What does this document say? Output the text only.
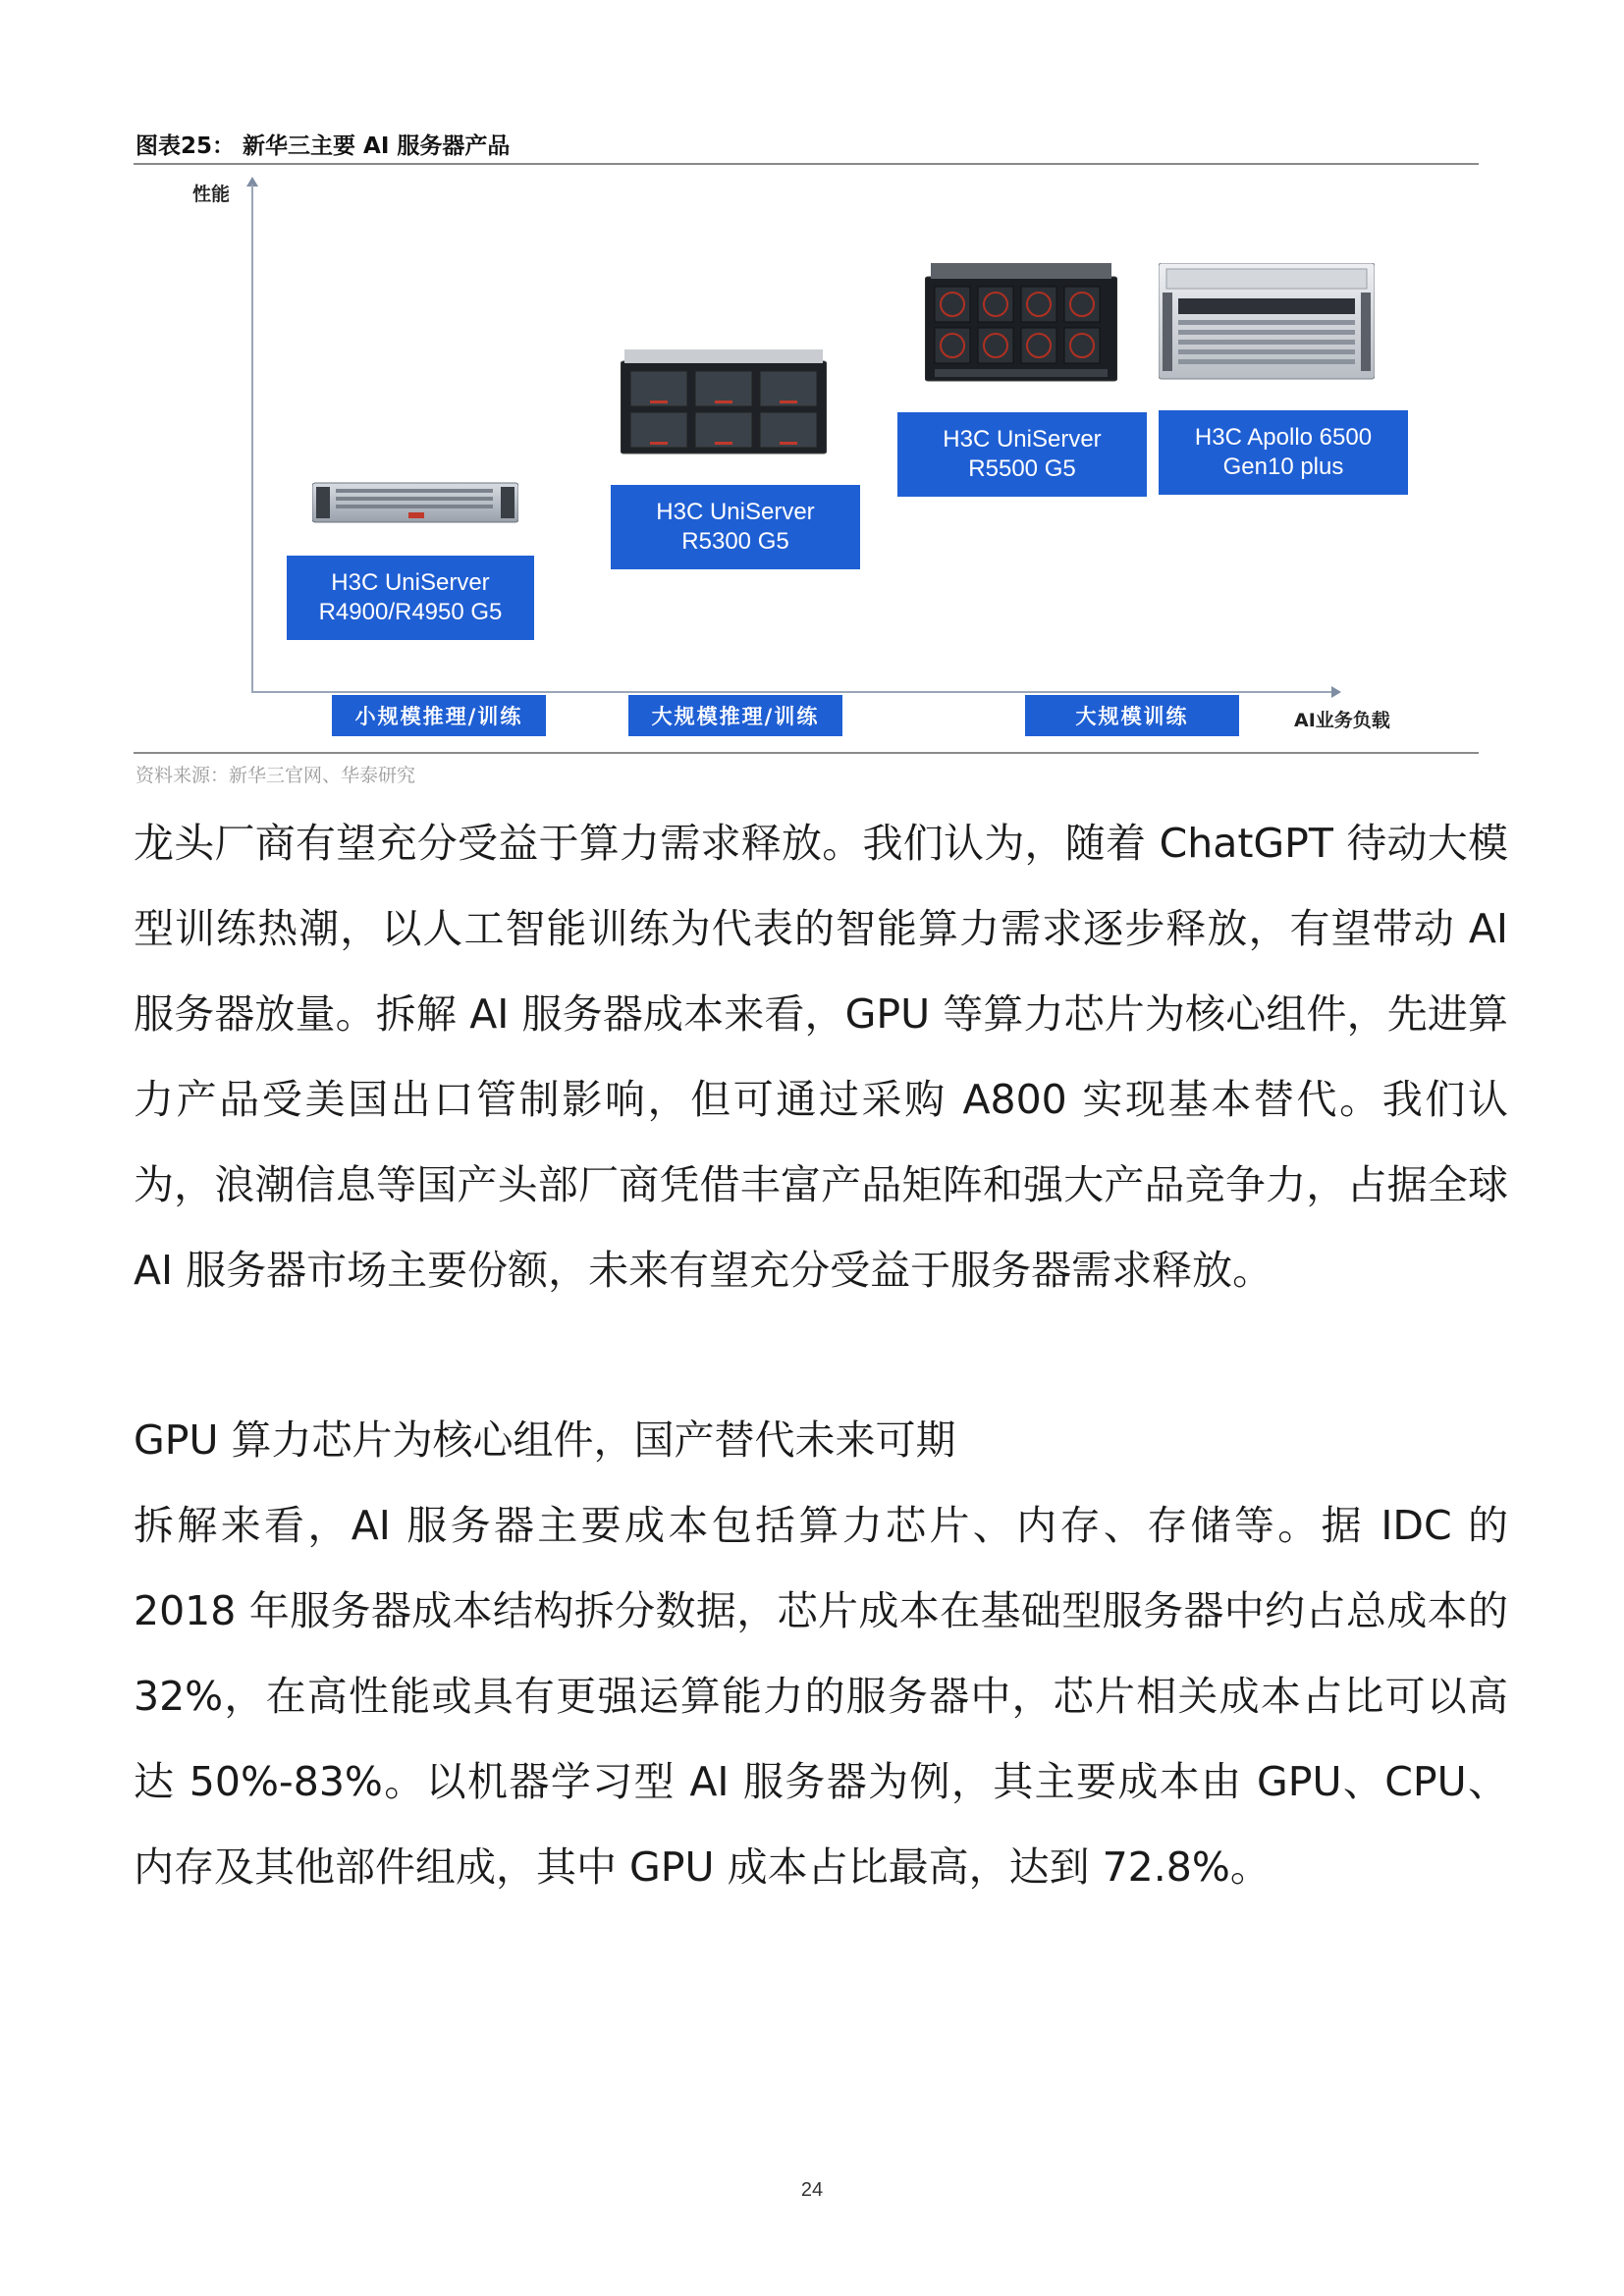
图表25： 新华三主要 AI 服务器产品
性能
AI业务负载
H3C UniServer
R4900/R4950 G5
H3C UniServer
R5300 G5
H3C UniServer
R5500 G5
H3C Apollo 6500
Gen10 plus
小规模推理/训练	大规模推理/训练	大规模训练
资料来源：新华三官网、华泰研究

龙头厂商有望充分受益于算力需求释放。我们认为，随着 ChatGPT 待动大模型训练热潮，以人工智能训练为代表的智能算力需求逐步释放，有望带动 AI 服务器放量。拆解 AI 服务器成本来看，GPU 等算力芯片为核心组件，先进算力产品受美国出口管制影响，但可通过采购 A800 实现基本替代。我们认为，浪潮信息等国产头部厂商凭借丰富产品矩阵和强大产品竞争力，占据全球 AI 服务器市场主要份额，未来有望充分受益于服务器需求释放。

GPU 算力芯片为核心组件，国产替代未来可期

拆解来看，AI 服务器主要成本包括算力芯片、内存、存储等。据 IDC 的 2018 年服务器成本结构拆分数据，芯片成本在基础型服务器中约占总成本的 32%，在高性能或具有更强运算能力的服务器中，芯片相关成本占比可以高达 50%-83%。以机器学习型 AI 服务器为例，其主要成本由 GPU、CPU、内存及其他部件组成，其中 GPU 成本占比最高，达到 72.8%。

24
